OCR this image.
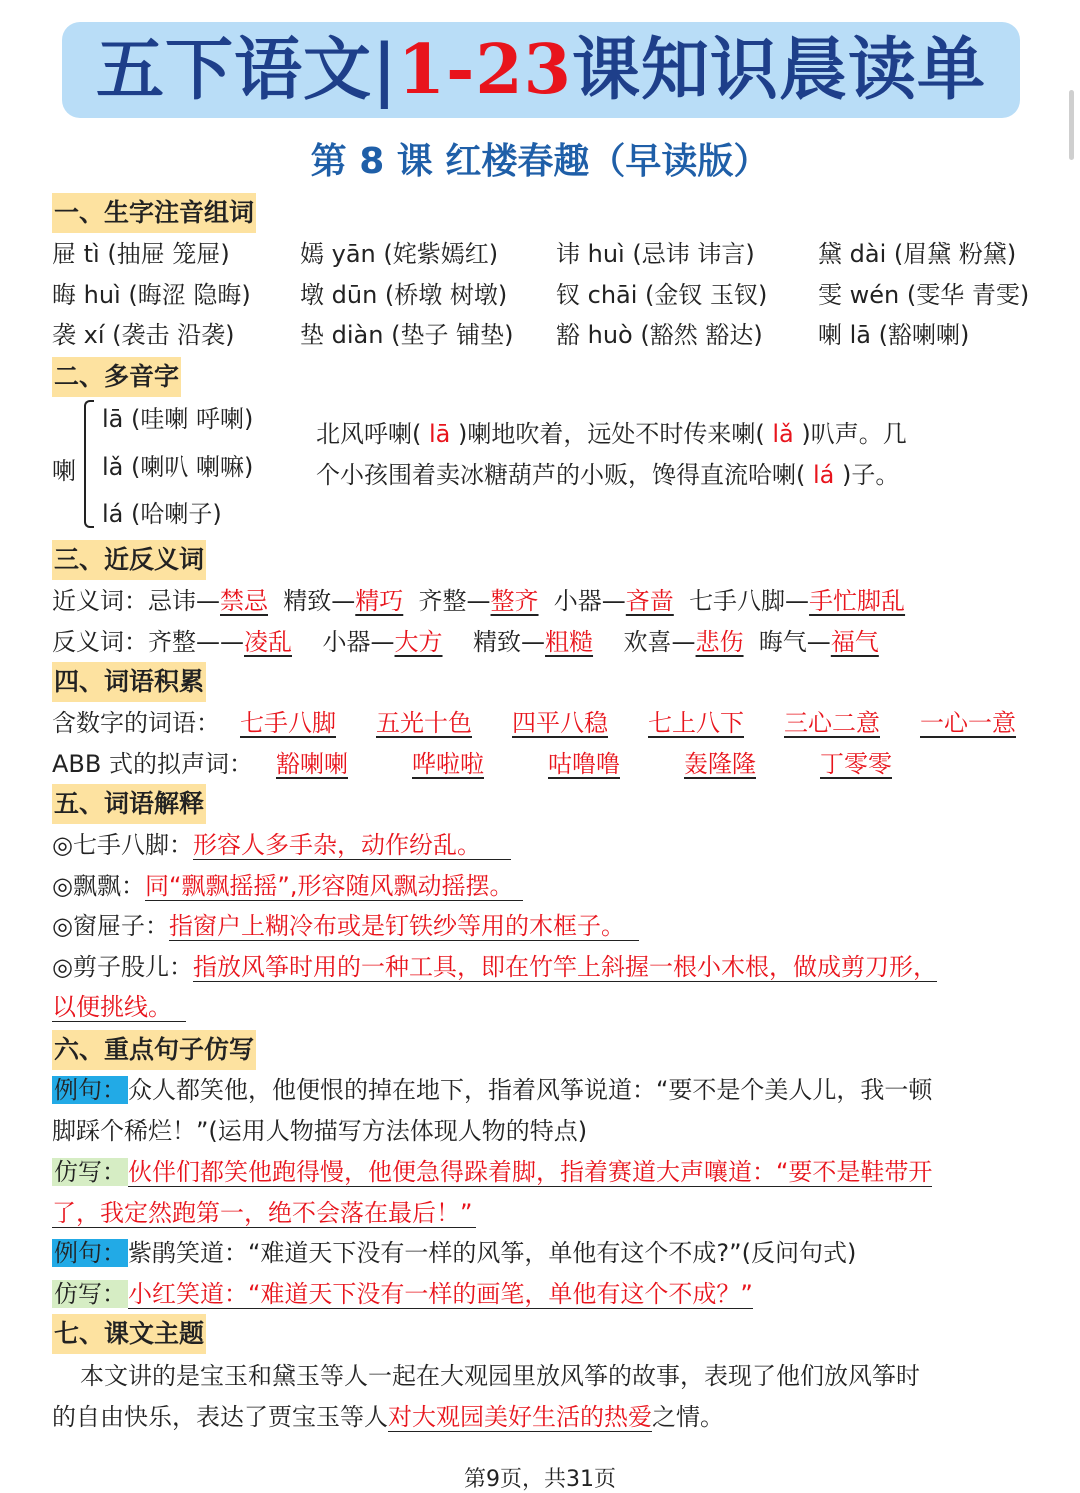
五下语文|1-23课知识晨读单
第 8 课 红楼春趣（早读版）
一、生字注音组词
屉 tì (抽屉 笼屉)	嫣 yān (姹紫嫣红) 讳 huì (忌讳 讳言)	黛 dài (眉黛 粉黛)
晦 huì (晦涩 隐晦) 墩 dūn (桥墩 树墩) 钗 chāi (金钗 玉钗) 雯 wén (雯华 青雯)
袭 xí (袭击 沿袭)	垫 diàn (垫子 铺垫) 豁 huò (豁然 豁达) 喇 lā (豁喇喇)
二、多音字
喇
lā (哇喇 呼喇)
lǎ (喇叭 喇嘛)
lá (哈喇子)
北风呼喇( lā )喇地吹着，远处不时传来喇( lǎ )叭声。几
个小孩围着卖冰糖葫芦的小贩，馋得直流哈喇( lá )子。
三、近反义词
近义词：忌讳—禁忌 精致—精巧 齐整—整齐 小器—吝啬 七手八脚—手忙脚乱
反义词：齐整——凌乱 小器—大方 精致—粗糙 欢喜—悲伤 晦气—福气
四、词语积累
含数字的词语： 七手八脚 五光十色 四平八稳 七上八下 三心二意 一心一意
ABB 式的拟声词： 豁喇喇	哗啦啦	咕噜噜	轰隆隆	丁零零
五、词语解释
◎七手八脚：形容人多手杂，动作纷乱。
◎飘飘：同“飘飘摇摇”,形容随风飘动摇摆。
◎窗屉子：指窗户上糊冷布或是钉铁纱等用的木框子。
◎剪子股儿：指放风筝时用的一种工具，即在竹竿上斜握一根小木根，做成剪刀形，
以便挑线。
六、重点句子仿写
例句：众人都笑他，他便恨的掉在地下，指着风筝说道：“要不是个美人儿，我一顿
脚踩个稀烂！”(运用人物描写方法体现人物的特点)
仿写：伙伴们都笑他跑得慢，他便急得跺着脚，指着赛道大声嚷道：“要不是鞋带开
了，我定然跑第一，绝不会落在最后！”
例句：紫鹃笑道：“难道天下没有一样的风筝，单他有这个不成?”(反问句式)
仿写：小红笑道：“难道天下没有一样的画笔，单他有这个不成？”
七、课文主题
本文讲的是宝玉和黛玉等人一起在大观园里放风筝的故事，表现了他们放风筝时
的自由快乐，表达了贾宝玉等人对大观园美好生活的热爱之情。
第9页，共31页
